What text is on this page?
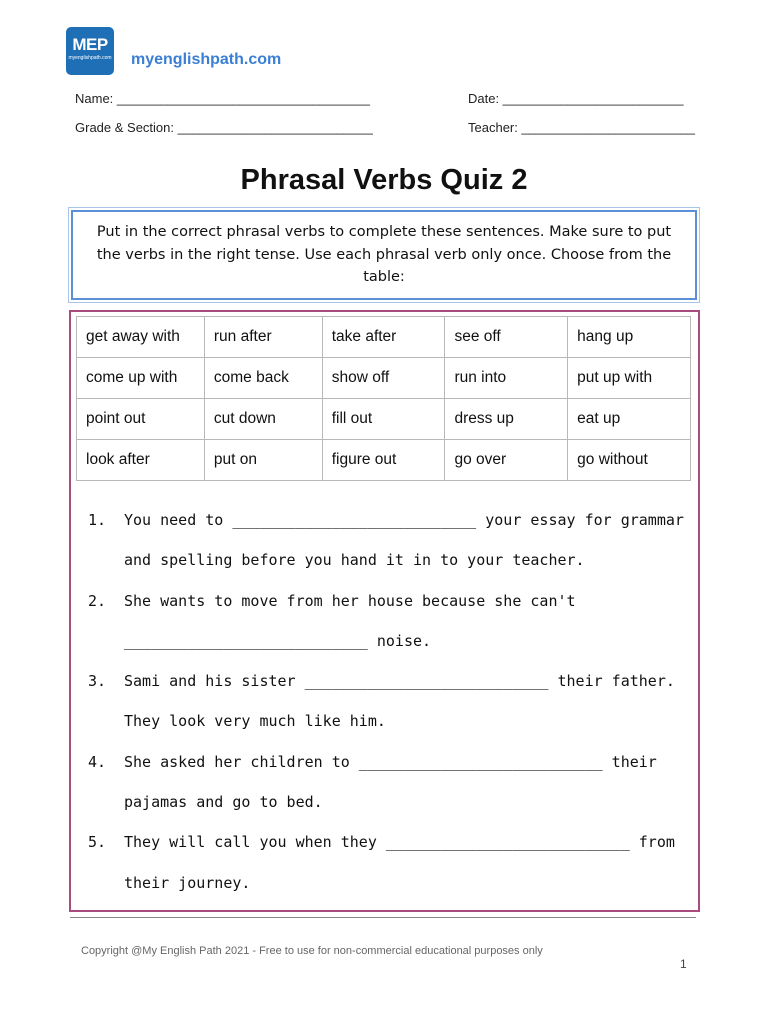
MEP
myenglishpath.com myenglishpath.com
Name: ___________________________________	Date: _________________________
Grade & Section: ___________________________	Teacher: ________________________
Phrasal Verbs Quiz 2
Put in the correct phrasal verbs to complete these sentences. Make sure to put the verbs in the right tense. Use each phrasal verb only once. Choose from the table:
get away with	run after	take after	see off	hang up
come up with	come back	show off	run into	put up with
point out	cut down	fill out	dress up	eat up
look after	put on	figure out	go over	go without
1. You need to ___________________________ your essay for grammar
and spelling before you hand it in to your teacher.
2. She wants to move from her house because she can't
___________________________ noise.
3. Sami and his sister ___________________________ their father.
They look very much like him.
4. She asked her children to ___________________________ their
pajamas and go to bed.
5. They will call you when they ___________________________ from
their journey.
Copyright @My English Path 2021 - Free to use for non-commercial educational purposes only
1
